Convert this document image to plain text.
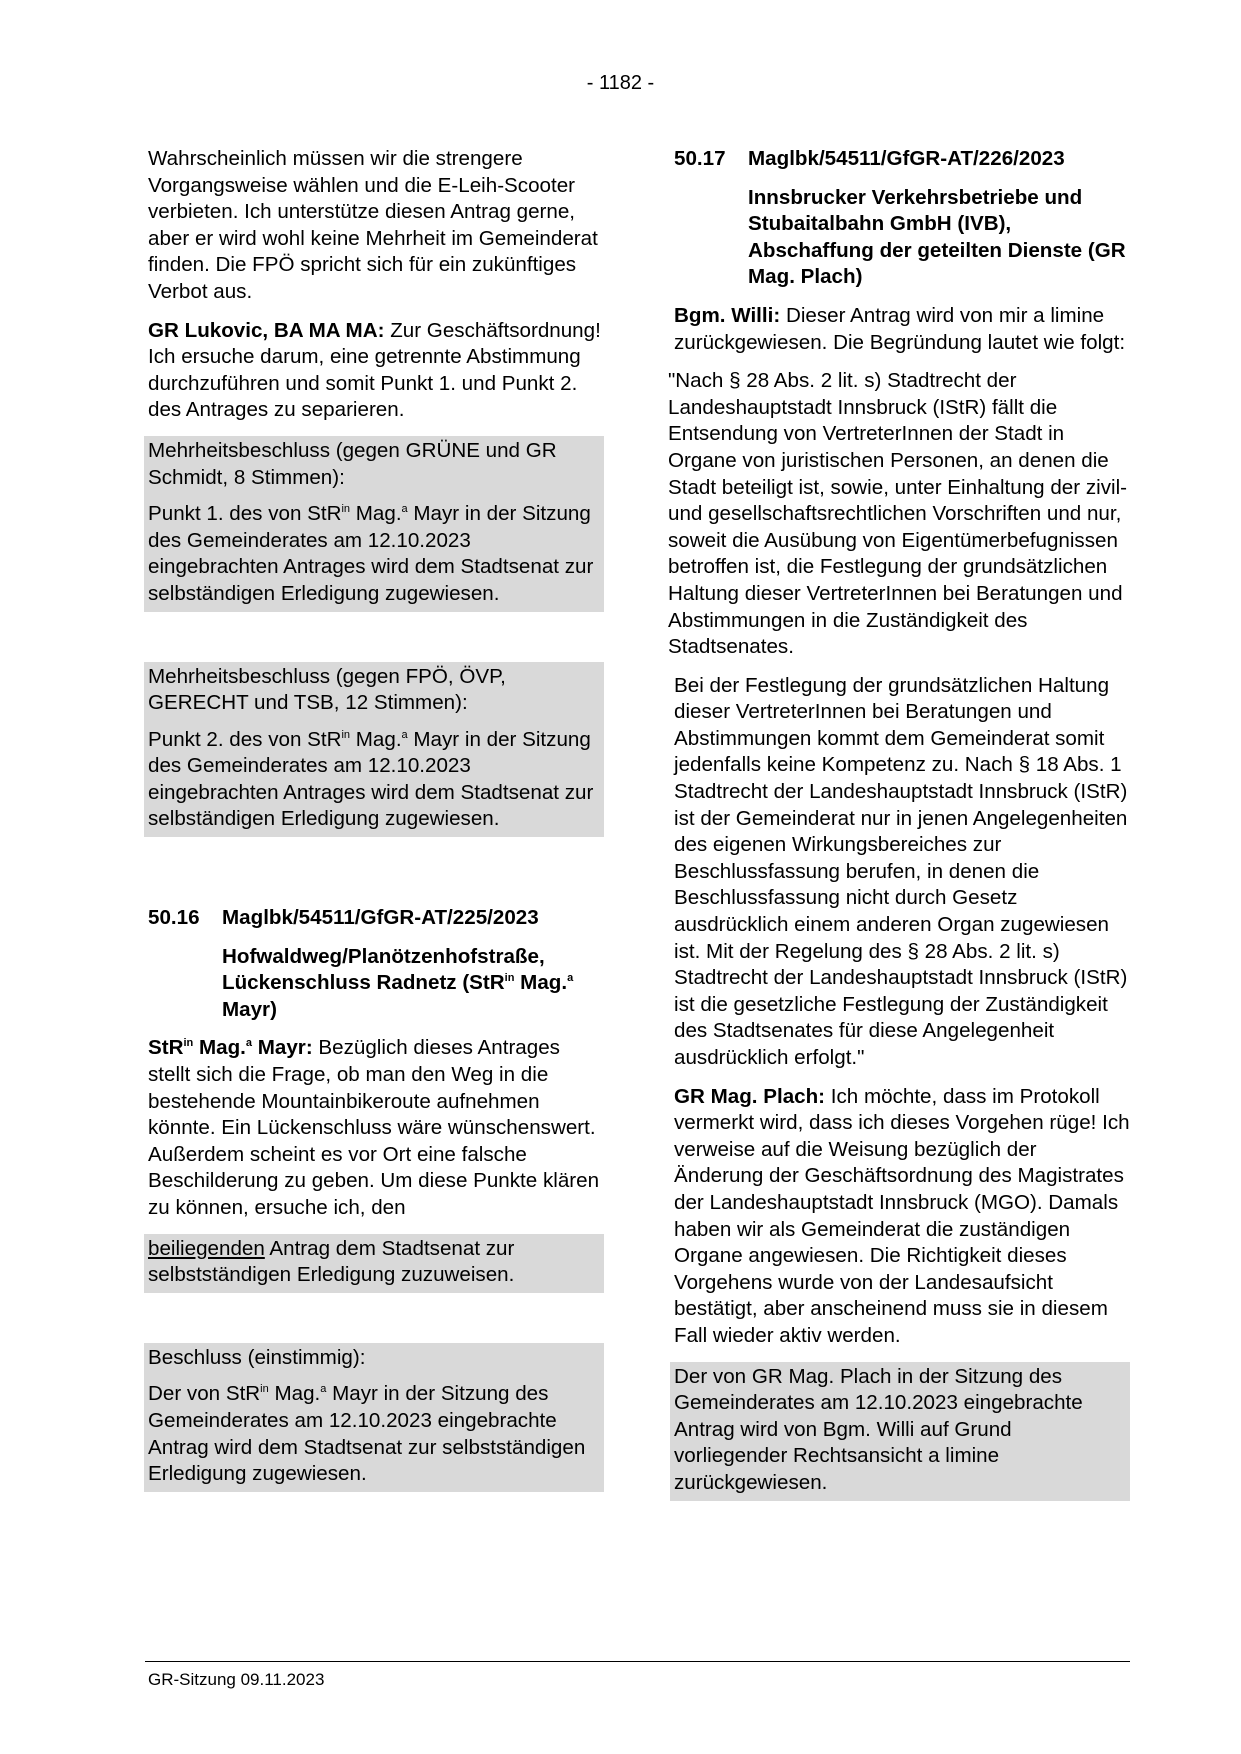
- 1182 -

Wahrscheinlich müssen wir die strengere Vorgangsweise wählen und die E-Leih-Scooter verbieten. Ich unterstütze diesen Antrag gerne, aber er wird wohl keine Mehrheit im Gemeinderat finden. Die FPÖ spricht sich für ein zukünftiges Verbot aus.

GR Lukovic, BA MA MA: Zur Geschäftsordnung! Ich ersuche darum, eine getrennte Abstimmung durchzuführen und somit Punkt 1. und Punkt 2. des Antrages zu separieren.

Mehrheitsbeschluss (gegen GRÜNE und GR Schmidt, 8 Stimmen):

Punkt 1. des von StR$^{in}$ Mag.$^a$ Mayr in der Sitzung des Gemeinderates am 12.10.2023 eingebrachten Antrages wird dem Stadtsenat zur selbständigen Erledigung zugewiesen.

Mehrheitsbeschluss (gegen FPÖ, ÖVP, GERECHT und TSB, 12 Stimmen):

Punkt 2. des von StR$^{in}$ Mag.$^a$ Mayr in der Sitzung des Gemeinderates am 12.10.2023 eingebrachten Antrages wird dem Stadtsenat zur selbständigen Erledigung zugewiesen.

50.16	Maglbk/54511/GfGR-AT/225/2023
Hofwaldweg/Planötzenhofstraße, Lückenschluss Radnetz (StR$^{in}$ Mag.$^a$ Mayr)

StR$^{in}$ Mag.$^a$ Mayr: Bezüglich dieses Antrages stellt sich die Frage, ob man den Weg in die bestehende Mountainbikeroute aufnehmen könnte. Ein Lückenschluss wäre wünschenswert. Außerdem scheint es vor Ort eine falsche Beschilderung zu geben. Um diese Punkte klären zu können, ersuche ich, den

beiliegenden Antrag dem Stadtsenat zur selbstständigen Erledigung zuzuweisen.

Beschluss (einstimmig):

Der von StR$^{in}$ Mag.$^a$ Mayr in der Sitzung des Gemeinderates am 12.10.2023 eingebrachte Antrag wird dem Stadtsenat zur selbstständigen Erledigung zugewiesen.

50.17	Maglbk/54511/GfGR-AT/226/2023
Innsbrucker Verkehrsbetriebe und Stubaitalbahn GmbH (IVB), Abschaffung der geteilten Dienste (GR Mag. Plach)

Bgm. Willi: Dieser Antrag wird von mir a limine zurückgewiesen. Die Begründung lautet wie folgt:

"Nach § 28 Abs. 2 lit. s) Stadtrecht der Landeshauptstadt Innsbruck (IStR) fällt die Entsendung von VertreterInnen der Stadt in Organe von juristischen Personen, an denen die Stadt beteiligt ist, sowie, unter Einhaltung der zivil- und gesellschaftsrechtlichen Vorschriften und nur, soweit die Ausübung von Eigentümerbefugnissen betroffen ist, die Festlegung der grundsätzlichen Haltung dieser VertreterInnen bei Beratungen und Abstimmungen in die Zuständigkeit des Stadtsenates.

Bei der Festlegung der grundsätzlichen Haltung dieser VertreterInnen bei Beratungen und Abstimmungen kommt dem Gemeinderat somit jedenfalls keine Kompetenz zu. Nach § 18 Abs. 1 Stadtrecht der Landeshauptstadt Innsbruck (IStR) ist der Gemeinderat nur in jenen Angelegenheiten des eigenen Wirkungsbereiches zur Beschlussfassung berufen, in denen die Beschlussfassung nicht durch Gesetz ausdrücklich einem anderen Organ zugewiesen ist. Mit der Regelung des § 28 Abs. 2 lit. s) Stadtrecht der Landeshauptstadt Innsbruck (IStR) ist die gesetzliche Festlegung der Zuständigkeit des Stadtsenates für diese Angelegenheit ausdrücklich erfolgt."

GR Mag. Plach: Ich möchte, dass im Protokoll vermerkt wird, dass ich dieses Vorgehen rüge! Ich verweise auf die Weisung bezüglich der Änderung der Geschäftsordnung des Magistrates der Landeshauptstadt Innsbruck (MGO). Damals haben wir als Gemeinderat die zuständigen Organe angewiesen. Die Richtigkeit dieses Vorgehens wurde von der Landesaufsicht bestätigt, aber anscheinend muss sie in diesem Fall wieder aktiv werden.

Der von GR Mag. Plach in der Sitzung des Gemeinderates am 12.10.2023 eingebrachte Antrag wird von Bgm. Willi auf Grund vorliegender Rechtsansicht a limine zurückgewiesen.

GR-Sitzung 09.11.2023
